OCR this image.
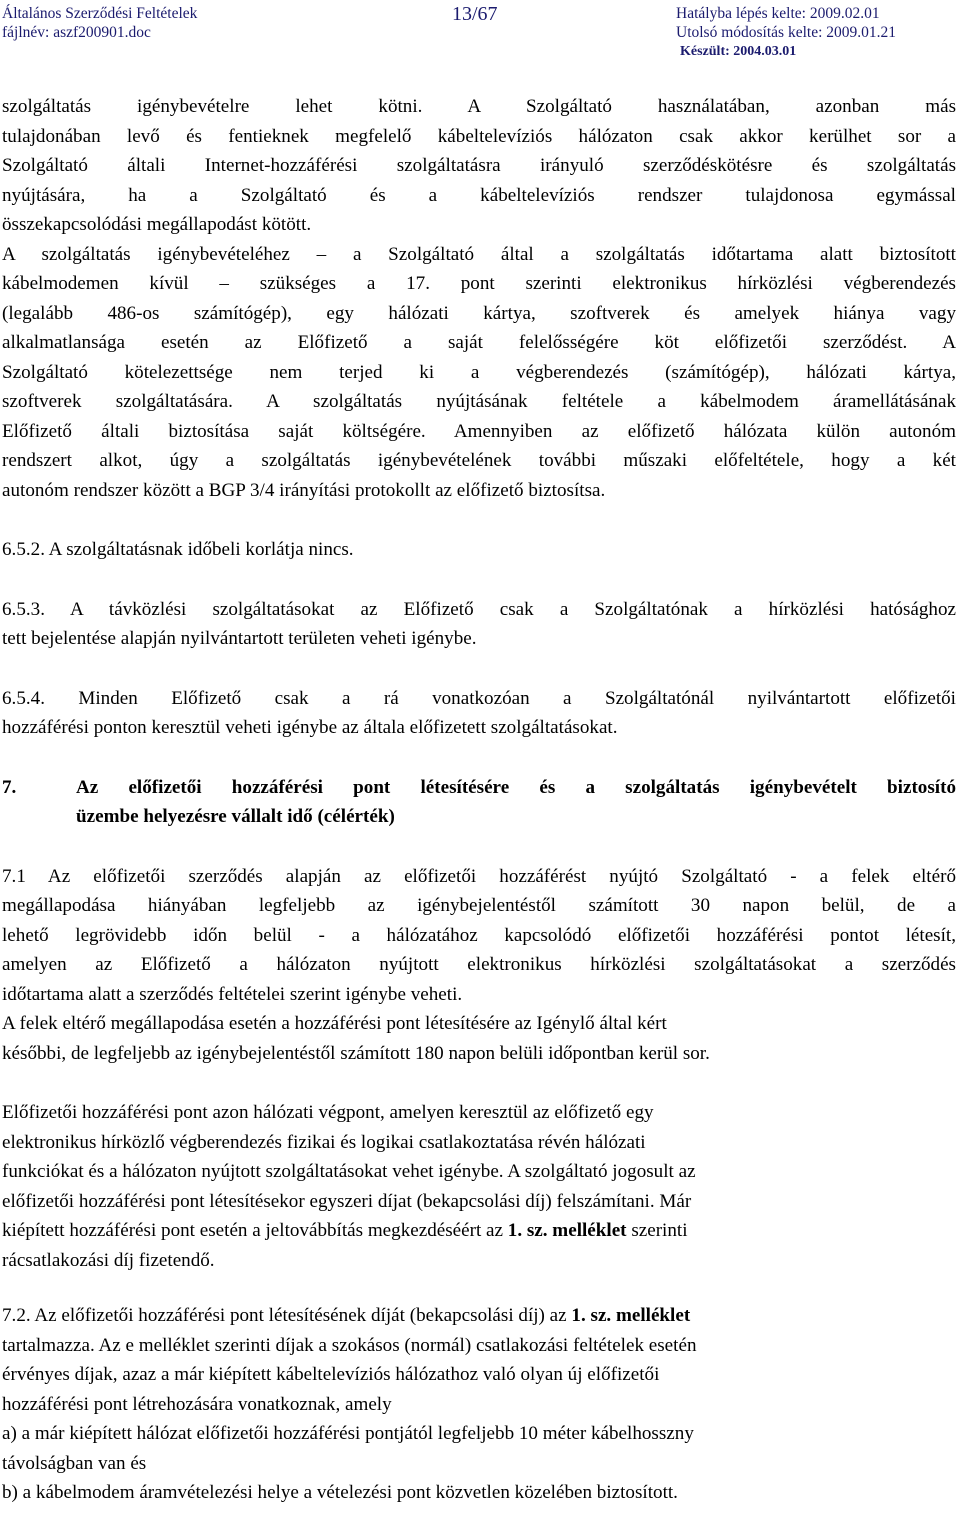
Általános Szerződési Feltételek
fájlnév: aszf200901.doc
13/67	Hatályba lépés kelte: 2009.02.01
Utolsó módosítás kelte: 2009.01.21
Készült: 2004.03.01
szolgáltatás igénybevételre lehet kötni. A Szolgáltató használatában, azonban más
tulajdonában levő és fentieknek megfelelő kábeltelevíziós hálózaton csak akkor kerülhet sor a
Szolgáltató általi Internet-hozzáférési szolgáltatásra irányuló szerződéskötésre és szolgáltatás
nyújtására, ha a Szolgáltató és a kábeltelevíziós rendszer tulajdonosa egymással
összekapcsolódási megállapodást kötött.
A szolgáltatás igénybevételéhez – a Szolgáltató által a szolgáltatás időtartama alatt biztosított
kábelmodemen kívül – szükséges a 17. pont szerinti elektronikus hírközlési végberendezés
(legalább 486-os számítógép), egy hálózati kártya, szoftverek és amelyek hiánya vagy
alkalmatlansága esetén az Előfizető a saját felelősségére köt előfizetői szerződést. A
Szolgáltató kötelezettsége nem terjed ki a végberendezés (számítógép), hálózati kártya,
szoftverek szolgáltatására. A szolgáltatás nyújtásának feltétele a kábelmodem áramellátásának
Előfizető általi biztosítása saját költségére. Amennyiben az előfizető hálózata külön autonóm
rendszert alkot, úgy a szolgáltatás igénybevételének további műszaki előfeltétele, hogy a két
autonóm rendszer között a BGP 3/4 irányítási protokollt az előfizető biztosítsa.
6.5.2. A szolgáltatásnak időbeli korlátja nincs.
6.5.3. A távközlési szolgáltatásokat az Előfizető csak a Szolgáltatónak a hírközlési hatósághoz
tett bejelentése alapján nyilvántartott területen veheti igénybe.
6.5.4. Minden Előfizető csak a rá vonatkozóan a Szolgáltatónál nyilvántartott előfizetői
hozzáférési ponton keresztül veheti igénybe az általa előfizetett szolgáltatásokat.
7.	Az előfizetői hozzáférési pont létesítésére és a szolgáltatás igénybevételt biztosító
üzembe helyezésre vállalt idő (célérték)
7.1 Az előfizetői szerződés alapján az előfizetői hozzáférést nyújtó Szolgáltató - a felek eltérő
megállapodása hiányában legfeljebb az igénybejelentéstől számított 30 napon belül, de a
lehető legrövidebb időn belül - a hálózatához kapcsolódó előfizetői hozzáférési pontot létesít,
amelyen az Előfizető a hálózaton nyújtott elektronikus hírközlési szolgáltatásokat a szerződés
időtartama alatt a szerződés feltételei szerint igénybe veheti.
A felek eltérő megállapodása esetén a hozzáférési pont létesítésére az Igénylő által kért
későbbi, de legfeljebb az igénybejelentéstől számított 180 napon belüli időpontban kerül sor.
Előfizetői hozzáférési pont azon hálózati végpont, amelyen keresztül az előfizető egy
elektronikus hírközlő végberendezés fizikai és logikai csatlakoztatása révén hálózati
funkciókat és a hálózaton nyújtott szolgáltatásokat vehet igénybe. A szolgáltató jogosult az
előfizetői hozzáférési pont létesítésekor egyszeri díjat (bekapcsolási díj) felszámítani. Már
kiépített hozzáférési pont esetén a jeltovábbítás megkezdéséért az 1. sz. melléklet szerinti
rácsatlakozási díj fizetendő.
7.2. Az előfizetői hozzáférési pont létesítésének díját (bekapcsolási díj) az 1. sz. melléklet
tartalmazza. Az e melléklet szerinti díjak a szokásos (normál) csatlakozási feltételek esetén
érvényes díjak, azaz a már kiépített kábeltelevíziós hálózathoz való olyan új előfizetői
hozzáférési pont létrehozására vonatkoznak, amely
a) a már kiépített hálózat előfizetői hozzáférési pontjától legfeljebb 10 méter kábelhosszny
távolságban van és
b) a kábelmodem áramvételezési helye a vételezési pont közvetlen közelében biztosított.
